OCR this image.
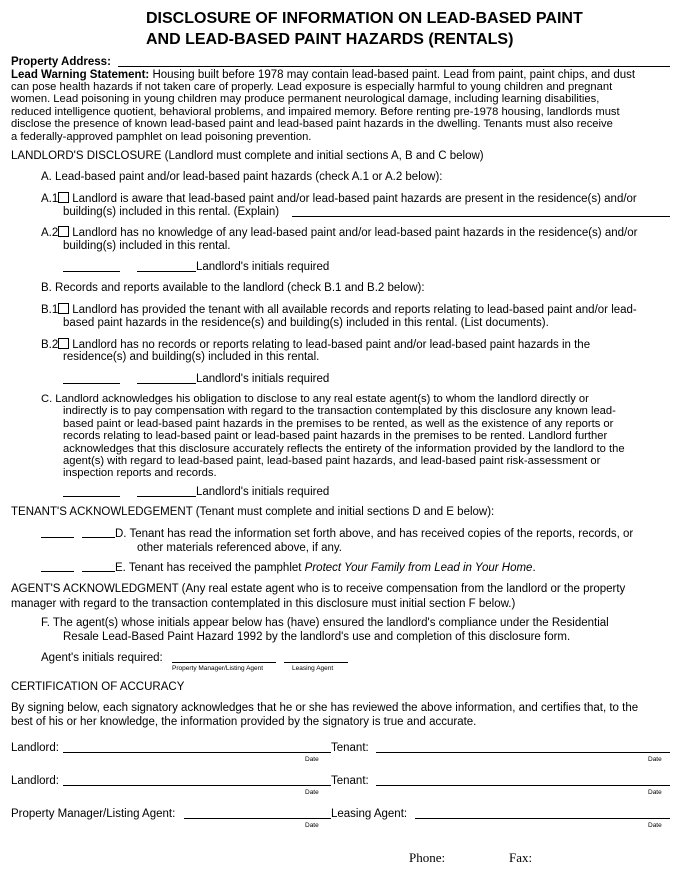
DISCLOSURE OF INFORMATION ON LEAD-BASED PAINT
AND LEAD-BASED PAINT HAZARDS (RENTALS)
Property Address:
Lead Warning Statement: Housing built before 1978 may contain lead-based paint. Lead from paint, paint chips, and dust
can pose health hazards if not taken care of properly. Lead exposure is especially harmful to young children and pregnant
women. Lead poisoning in young children may produce permanent neurological damage, including learning disabilities,
reduced intelligence quotient, behavioral problems, and impaired memory. Before renting pre-1978 housing, landlords must
disclose the presence of known lead-based paint and lead-based paint hazards in the dwelling. Tenants must also receive
a federally-approved pamphlet on lead poisoning prevention.
LANDLORD'S DISCLOSURE (Landlord must complete and initial sections A, B and C below)
A. Lead-based paint and/or lead-based paint hazards (check A.1 or A.2 below):
A.1 Landlord is aware that lead-based paint and/or lead-based paint hazards are present in the residence(s) and/or
building(s) included in this rental. (Explain)
A.2 Landlord has no knowledge of any lead-based paint and/or lead-based paint hazards in the residence(s) and/or
building(s) included in this rental.
Landlord's initials required
B. Records and reports available to the landlord (check B.1 and B.2 below):
B.1 Landlord has provided the tenant with all available records and reports relating to lead-based paint and/or lead-
based paint hazards in the residence(s) and building(s) included in this rental. (List documents).
B.2 Landlord has no records or reports relating to lead-based paint and/or lead-based paint hazards in the
residence(s) and building(s) included in this rental.
Landlord's initials required
C. Landlord acknowledges his obligation to disclose to any real estate agent(s) to whom the landlord directly or
indirectly is to pay compensation with regard to the transaction contemplated by this disclosure any known lead-
based paint or lead-based paint hazards in the premises to be rented, as well as the existence of any reports or
records relating to lead-based paint or lead-based paint hazards in the premises to be rented. Landlord further
acknowledges that this disclosure accurately reflects the entirety of the information provided by the landlord to the
agent(s) with regard to lead-based paint, lead-based paint hazards, and lead-based paint risk-assessment or
inspection reports and records.
Landlord's initials required
TENANT'S ACKNOWLEDGEMENT (Tenant must complete and initial sections D and E below):
D. Tenant has read the information set forth above, and has received copies of the reports, records, or
other materials referenced above, if any.
E. Tenant has received the pamphlet Protect Your Family from Lead in Your Home.
AGENT'S ACKNOWLEDGMENT (Any real estate agent who is to receive compensation from the landlord or the property
manager with regard to the transaction contemplated in this disclosure must initial section F below.)
F. The agent(s) whose initials appear below has (have) ensured the landlord's compliance under the Residential
Resale Lead-Based Paint Hazard 1992 by the landlord's use and completion of this disclosure form.
Agent's initials required:
Property Manager/Listing Agent	Leasing Agent
CERTIFICATION OF ACCURACY
By signing below, each signatory acknowledges that he or she has reviewed the above information, and certifies that, to the
best of his or her knowledge, the information provided by the signatory is true and accurate.
Landlord:
Date
Tenant:
Date
Landlord:
Date
Tenant:
Date
Property Manager/Listing Agent:
Date
Leasing Agent:
Date
Phone:	Fax:
